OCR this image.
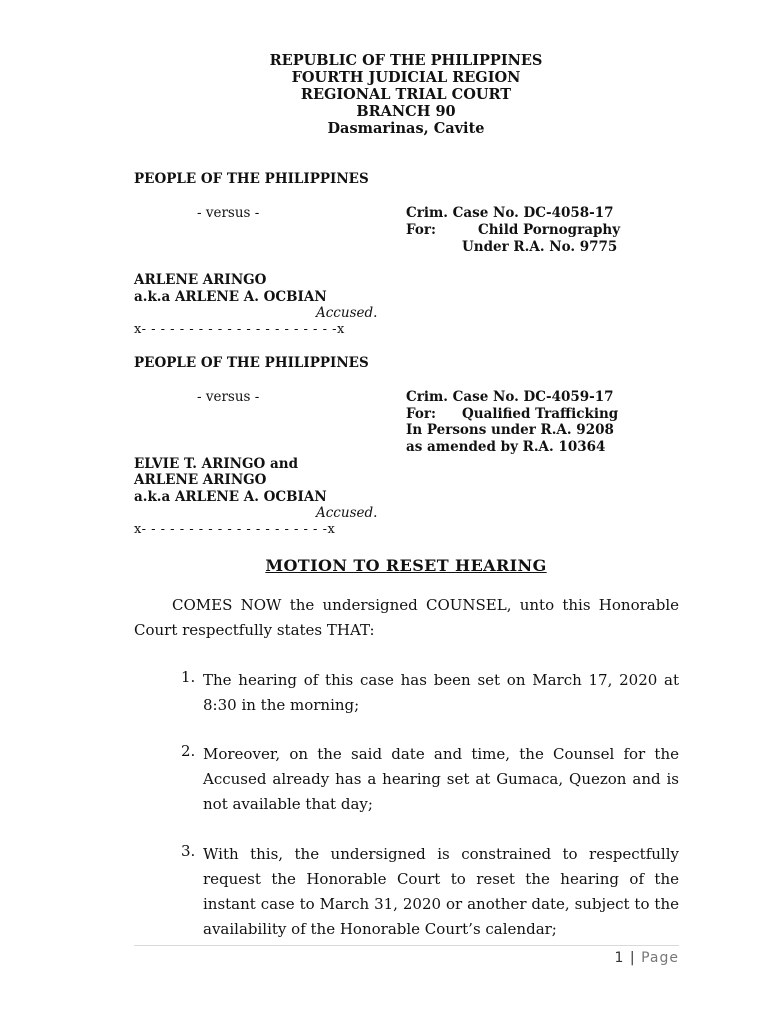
REPUBLIC OF THE PHILIPPINES
FOURTH JUDICIAL REGION
REGIONAL TRIAL COURT
BRANCH 90
Dasmarinas, Cavite
PEOPLE OF THE PHILIPPINES
- versus -	Crim. Case No. DC-4058-17
For:	Child Pornography
Under R.A. No. 9775
ARLENE ARINGO
a.k.a ARLENE A. OCBIAN
Accused.
x- - - - - - - - - - - - - - - - - - - - -x
PEOPLE OF THE PHILIPPINES
- versus -	Crim. Case No. DC-4059-17
For: Qualified Trafficking
In Persons under R.A. 9208
as amended by R.A. 10364
ELVIE T. ARINGO and
ARLENE ARINGO
a.k.a ARLENE A. OCBIAN
Accused.
x- - - - - - - - - - - - - - - - - - - -x
MOTION TO RESET HEARING
COMES NOW the undersigned COUNSEL, unto this Honorable Court respectfully states THAT:
1. The hearing of this case has been set on March 17, 2020 at 8:30 in the morning;
2. Moreover, on the said date and time, the Counsel for the Accused already has a hearing set at Gumaca, Quezon and is not available that day;
3. With this, the undersigned is constrained to respectfully request the Honorable Court to reset the hearing of the instant case to March 31, 2020 or another date, subject to the availability of the Honorable Court’s calendar;
1 | Page
